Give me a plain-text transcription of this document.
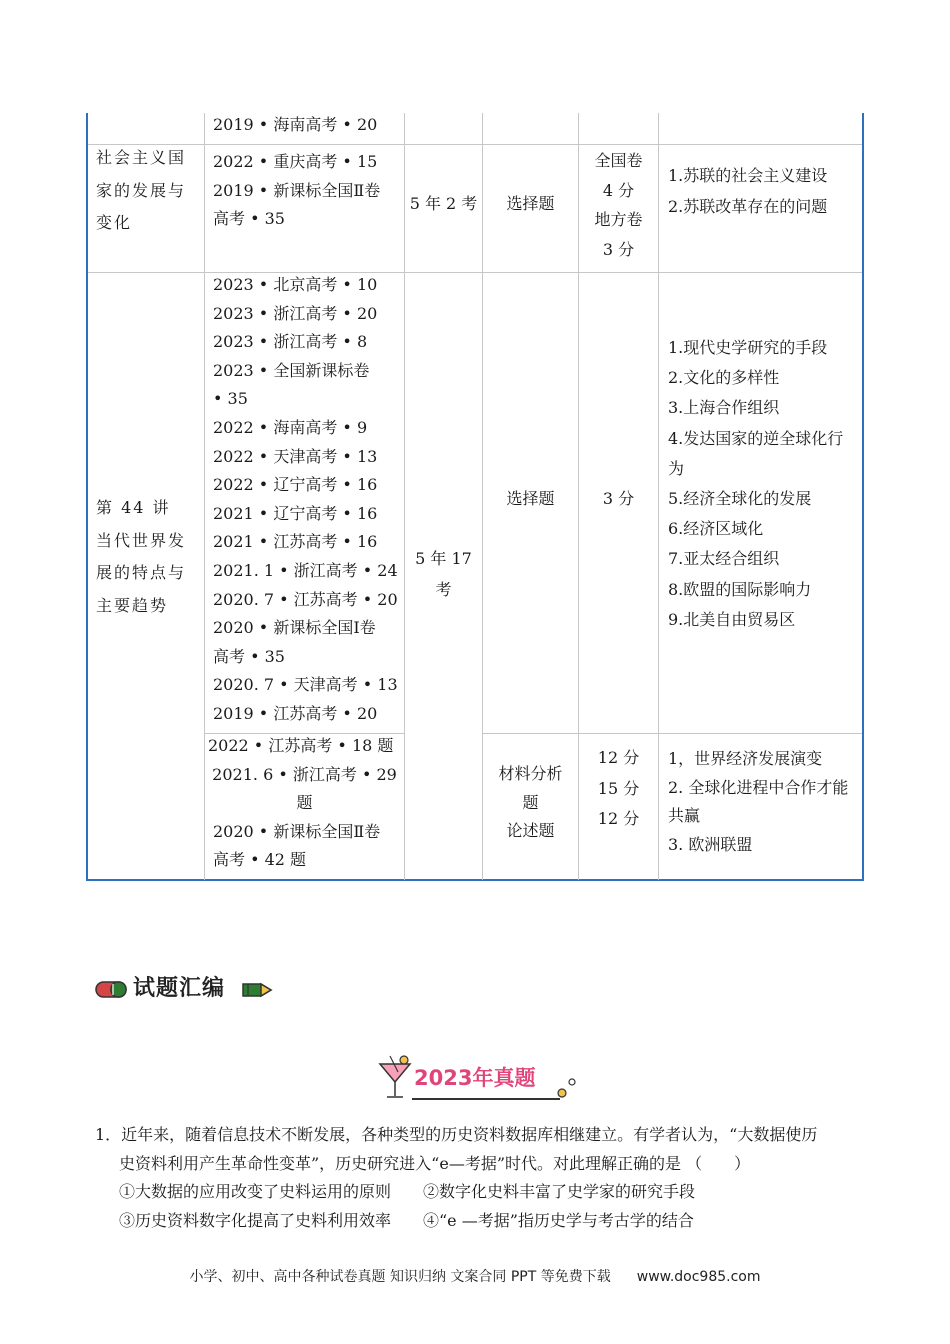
2019 • 海南高考 • 20
社会主义国
家的发展与
变化
2022 • 重庆高考 • 15
2019 • 新课标全国Ⅱ卷
高考 • 35
5 年 2 考	选择题
全国卷
4 分
地方卷
3 分
1.苏联的社会主义建设
2.苏联改革存在的问题
第 44 讲
当代世界发
展的特点与
主要趋势
2023 • 北京高考 • 10
2023 • 浙江高考 • 20
2023 • 浙江高考 • 8
2023 • 全国新课标卷
• 35
2022 • 海南高考 • 9
2022 • 天津高考 • 13
2022 • 辽宁高考 • 16
2021 • 辽宁高考 • 16
2021 • 江苏高考 • 16
2021. 1 • 浙江高考 • 24
2020. 7 • 江苏高考 • 20
2020 • 新课标全国Ⅰ卷
高考 • 35
2020. 7 • 天津高考 • 13
2019 • 江苏高考 • 20
5 年 17
考
选择题	3 分
1.现代史学研究的手段
2.文化的多样性
3.上海合作组织
4.发达国家的逆全球化行
为
5.经济全球化的发展
6.经济区域化
7.亚太经合组织
8.欧盟的国际影响力
9.北美自由贸易区
2022 • 江苏高考 • 18 题
2021. 6 • 浙江高考 • 29
题
2020 • 新课标全国Ⅱ卷
高考 • 42 题
材料分析
题
论述题
12 分
15 分
12 分
1，世界经济发展演变
2. 全球化进程中合作才能
共赢
3. 欧洲联盟
试题汇编
2023年真题
1．近年来，随着信息技术不断发展，各种类型的历史资料数据库相继建立。有学者认为，“大数据使历
史资料利用产生革命性变革”，历史研究进入“e—考据”时代。对此理解正确的是 （　　）
①大数据的应用改变了史料运用的原则　　②数字化史料丰富了史学家的研究手段
③历史资料数字化提高了史料利用效率　　④“e —考据”指历史学与考古学的结合
小学、初中、高中各种试卷真题 知识归纳 文案合同 PPT 等免费下载 www.doc985.com
